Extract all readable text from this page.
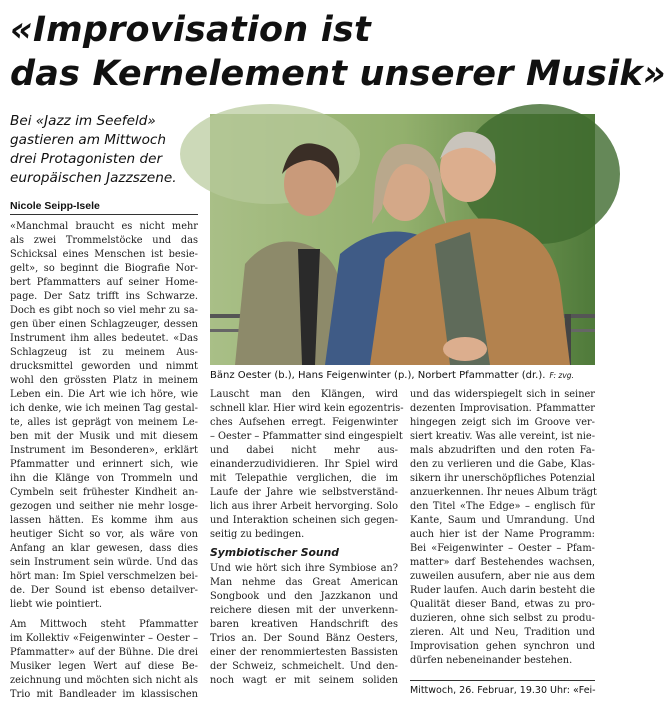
«Improvisation ist
das Kernelement unserer Musik»
Bei «Jazz im Seefeld»
gastieren am Mittwoch
drei Protagonisten der
europäischen Jazzszene.
Nicole Seipp-Isele
«Manchmal braucht es nicht mehr
als zwei Trommelstöcke und das
Schicksal eines Menschen ist besie-
gelt», so beginnt die Biografie Nor-
bert Pfammatters auf seiner Home-
page. Der Satz trifft ins Schwarze.
Doch es gibt noch so viel mehr zu sa-
gen über einen Schlagzeuger, dessen
Instrument ihm alles bedeutet. «Das
Schlagzeug ist zu meinem Aus-
drucksmittel geworden und nimmt
wohl den grössten Platz in meinem
Leben ein. Die Art wie ich höre, wie
ich denke, wie ich meinen Tag gestal-
te, alles ist geprägt von meinem Le-
ben mit der Musik und mit diesem
Instrument im Besonderen», erklärt
Pfammatter und erinnert sich, wie
ihn die Klänge von Trommeln und
Cymbeln seit frühester Kindheit an-
gezogen und seither nie mehr losge-
lassen hätten. Es komme ihm aus
heutiger Sicht so vor, als wäre von
Anfang an klar gewesen, dass dies
sein Instrument sein würde. Und das
hört man: Im Spiel verschmelzen bei-
de. Der Sound ist ebenso detailver-
liebt wie pointiert.
Am Mittwoch steht Pfammatter
im Kollektiv «Feigenwinter – Oester –
Pfammatter» auf der Bühne. Die drei
Musiker legen Wert auf diese Be-
zeichnung und möchten sich nicht als
Trio mit Bandleader im klassischen
Bänz Oester (b.), Hans Feigenwinter (p.), Norbert Pfammatter (dr.). F: zvg.
Lauscht man den Klängen, wird
schnell klar. Hier wird kein egozentris-
ches Aufsehen erregt. Feigenwinter
– Oester – Pfammatter sind eingespielt
und dabei nicht mehr aus-
einanderzudividieren. Ihr Spiel wird
mit Telepathie verglichen, die im
Laufe der Jahre wie selbstverständ-
lich aus ihrer Arbeit hervorging. Solo
und Interaktion scheinen sich gegen-
seitig zu bedingen.
Symbiotischer Sound
Und wie hört sich ihre Symbiose an?
Man nehme das Great American
Songbook und den Jazzkanon und
reichere diesen mit der unverkenn-
baren kreativen Handschrift des
Trios an. Der Sound Bänz Oesters,
einer der renommiertesten Bassisten
der Schweiz, schmeichelt. Und den-
noch wagt er mit seinem soliden
und das widerspiegelt sich in seiner
dezenten Improvisation. Pfammatter
hingegen zeigt sich im Groove ver-
siert kreativ. Was alle vereint, ist nie-
mals abzudriften und den roten Fa-
den zu verlieren und die Gabe, Klas-
sikern ihr unerschöpfliches Potenzial
anzuerkennen. Ihr neues Album trägt
den Titel «The Edge» – englisch für
Kante, Saum und Umrandung. Und
auch hier ist der Name Programm:
Bei «Feigenwinter – Oester – Pfam-
matter» darf Bestehendes wachsen,
zuweilen ausufern, aber nie aus dem
Ruder laufen. Auch darin besteht die
Qualität dieser Band, etwas zu pro-
duzieren, ohne sich selbst zu produ-
zieren. Alt und Neu, Tradition und
Improvisation gehen synchron und
dürfen nebeneinander bestehen.
Mittwoch, 26. Februar, 19.30 Uhr: «Fei-
